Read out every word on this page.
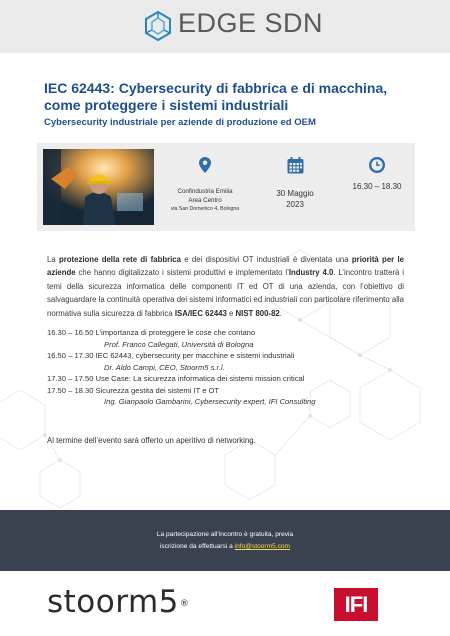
EDGE SDN
IEC 62443: Cybersecurity di fabbrica e di macchina, come proteggere i sistemi industriali
Cybersecurity industriale per aziende di produzione ed OEM
Confindustria Emilia
Area Centro
via San Domenico 4, Bologna
30 Maggio
2023
16.30 – 18.30
La protezione della rete di fabbrica e dei dispositivi OT industriali è diventata una priorità per le aziende che hanno digitalizzato i sistemi produttivi e implementato l’Industry 4.0. L’incontro tratterà i temi della sicurezza informatica delle componenti IT ed OT di una azienda, con l’obiettivo di salvaguardare la continuità operativa dei sistemi informatici ed industriali con particolare riferimento alla normativa sulla sicurezza di fabbrica ISA/IEC 62443 e NIST 800-82.
16.30 – 16.50 L’importanza di proteggere le cose che contano
Prof. Franco Callegati, Università di Bologna
16.50 – 17.30 IEC 62443, cybersecurity per macchine e sistemi industriali
Dr. Aldo Campi, CEO, Stoorm5 s.r.l.
17.30 – 17.50 Use Case: La sicurezza informatica dei sistemi mission critical
17.50 – 18.30 Sicurezza gestita dei sistemi IT e OT
Ing. Gianpaolo Gambarini, Cybersecurity expert, IFI Consulting
Al termine dell’evento sarà offerto un aperitivo di networking.
La partecipazione all’incontro è gratuita, previa
iscrizione da effettuarsi a info@stoorm5.com
stoorm5®	IFI
